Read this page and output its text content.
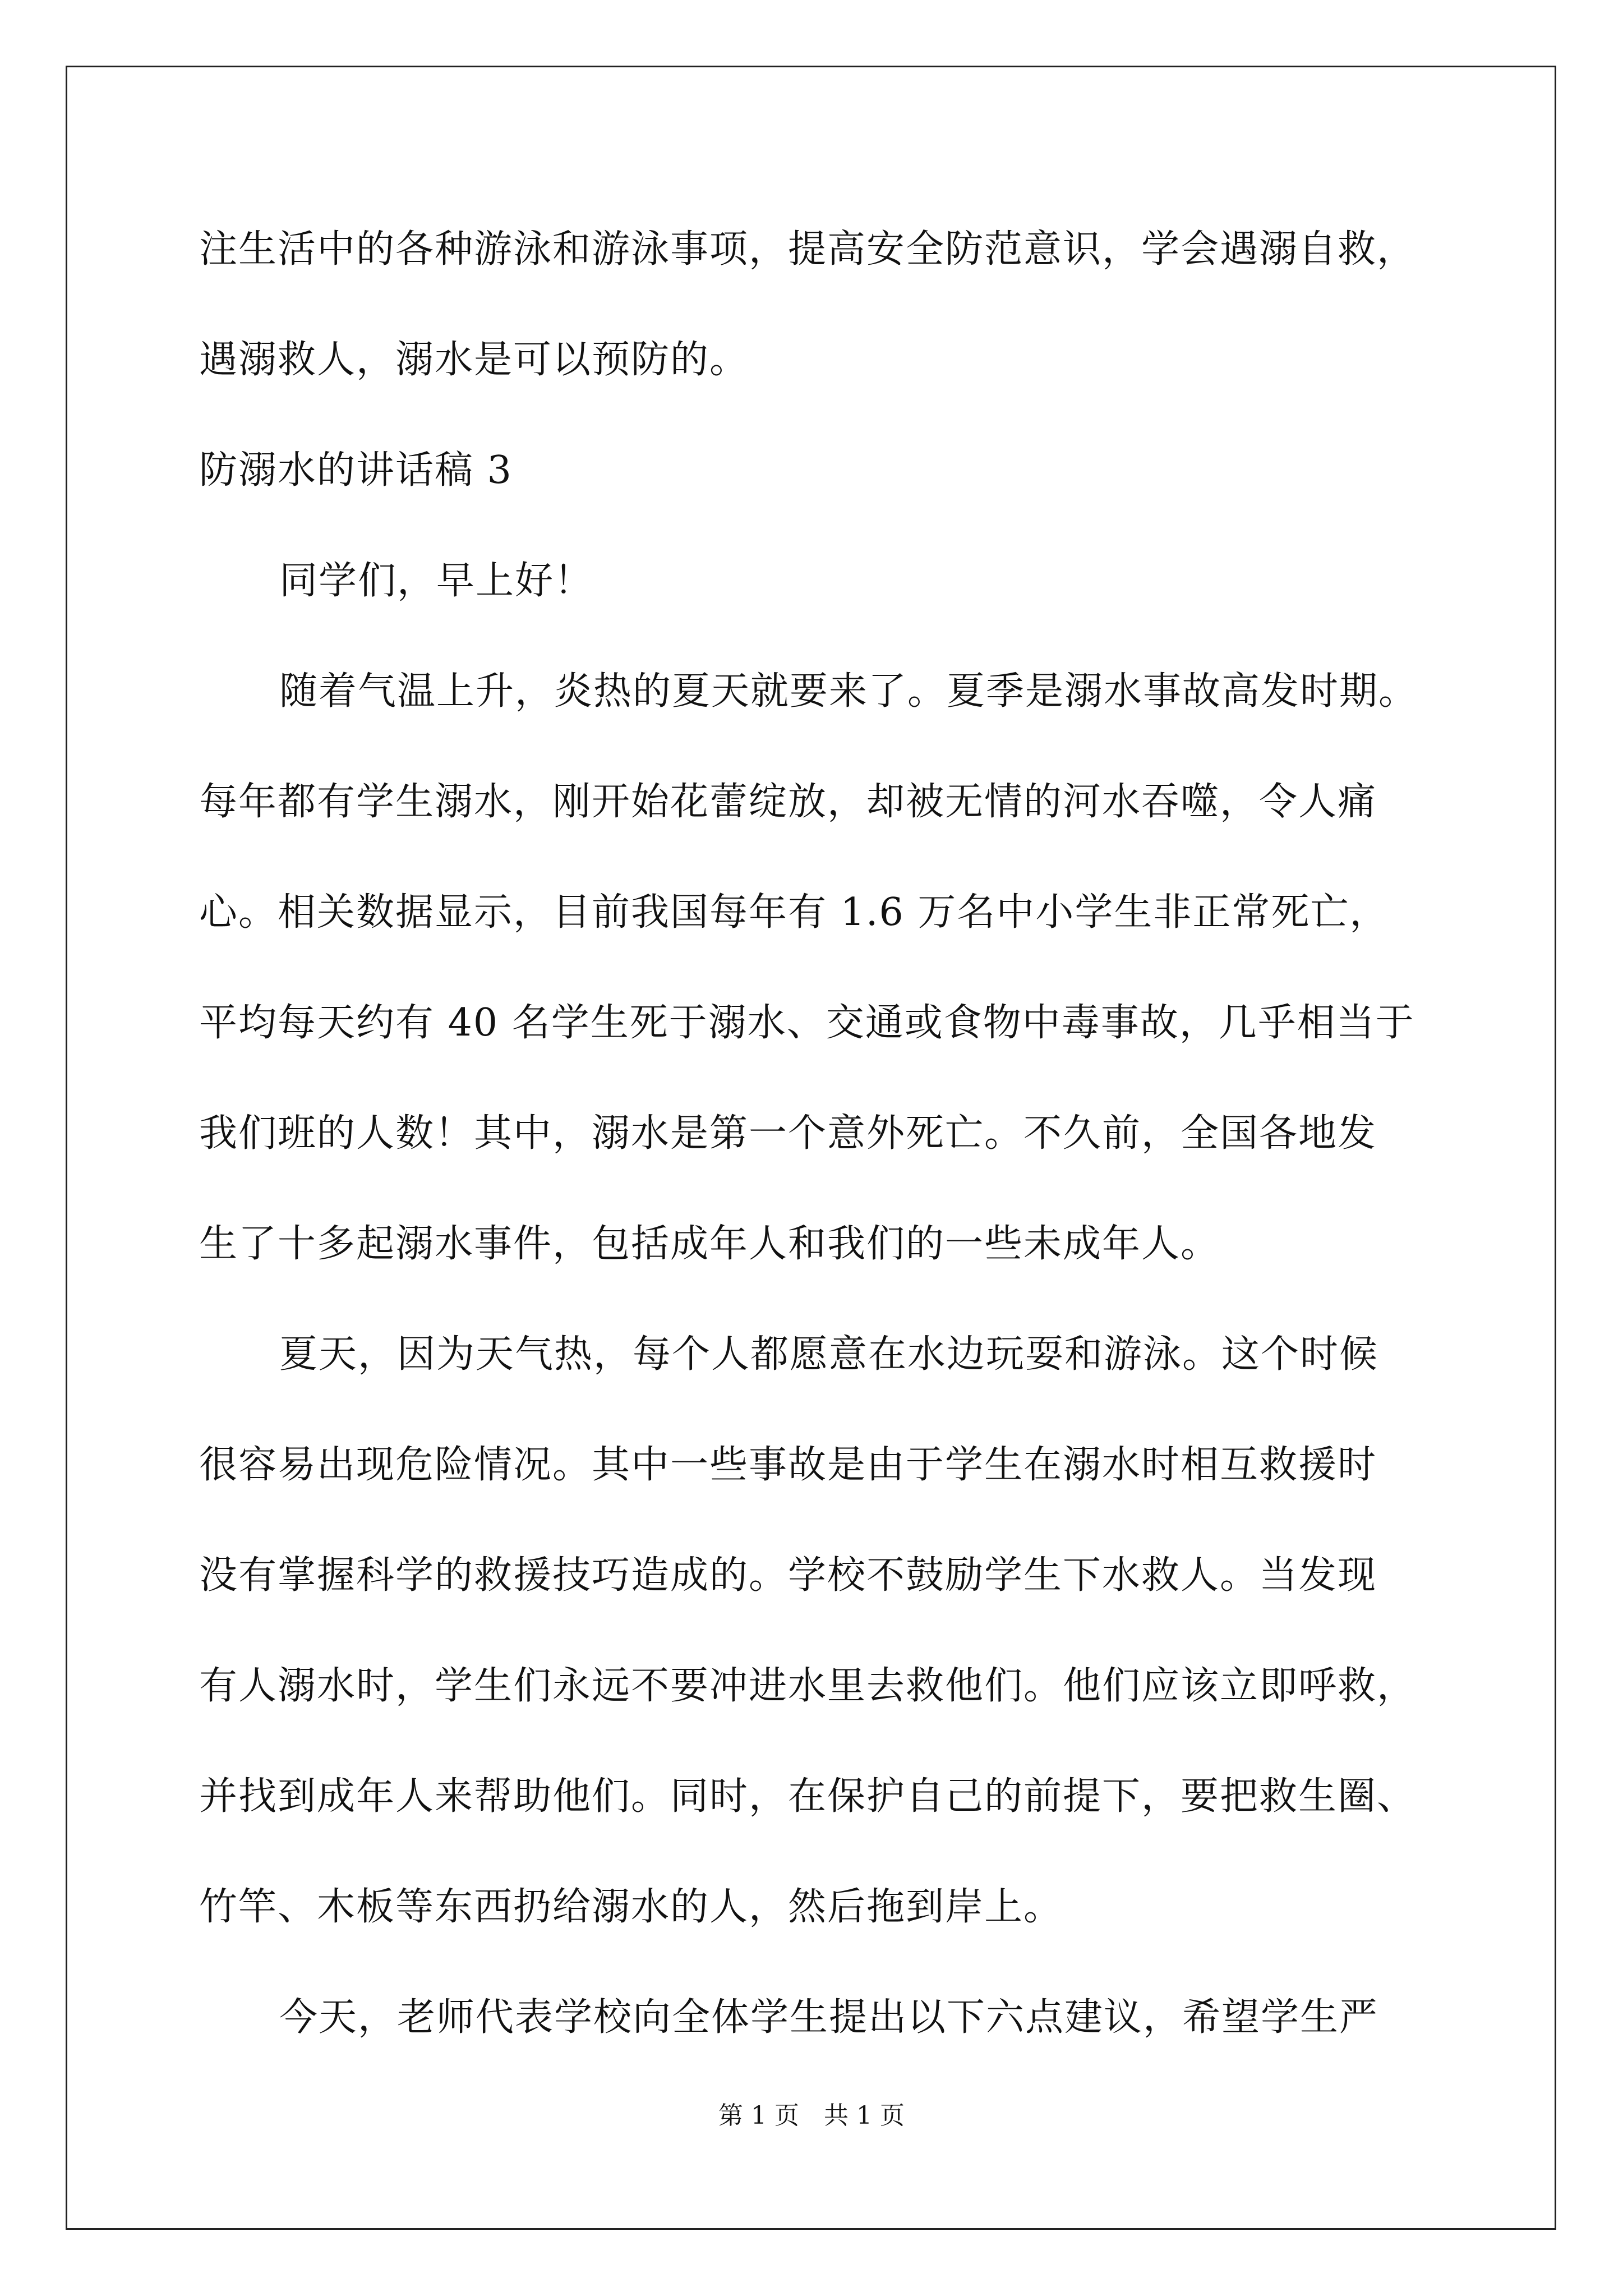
注生活中的各种游泳和游泳事项，提高安全防范意识，学会遇溺自救，
遇溺救人，溺水是可以预防的。
防溺水的讲话稿 3
同学们，早上好！
随着气温上升，炎热的夏天就要来了。夏季是溺水事故高发时期。
每年都有学生溺水，刚开始花蕾绽放，却被无情的河水吞噬，令人痛
心。相关数据显示，目前我国每年有 1.6 万名中小学生非正常死亡，
平均每天约有 40 名学生死于溺水、交通或食物中毒事故，几乎相当于
我们班的人数！其中，溺水是第一个意外死亡。不久前，全国各地发
生了十多起溺水事件，包括成年人和我们的一些未成年人。
夏天，因为天气热，每个人都愿意在水边玩耍和游泳。这个时候
很容易出现危险情况。其中一些事故是由于学生在溺水时相互救援时
没有掌握科学的救援技巧造成的。学校不鼓励学生下水救人。当发现
有人溺水时，学生们永远不要冲进水里去救他们。他们应该立即呼救，
并找到成年人来帮助他们。同时，在保护自己的前提下，要把救生圈、
竹竿、木板等东西扔给溺水的人，然后拖到岸上。
今天，老师代表学校向全体学生提出以下六点建议，希望学生严
第 1 页　共 1 页
